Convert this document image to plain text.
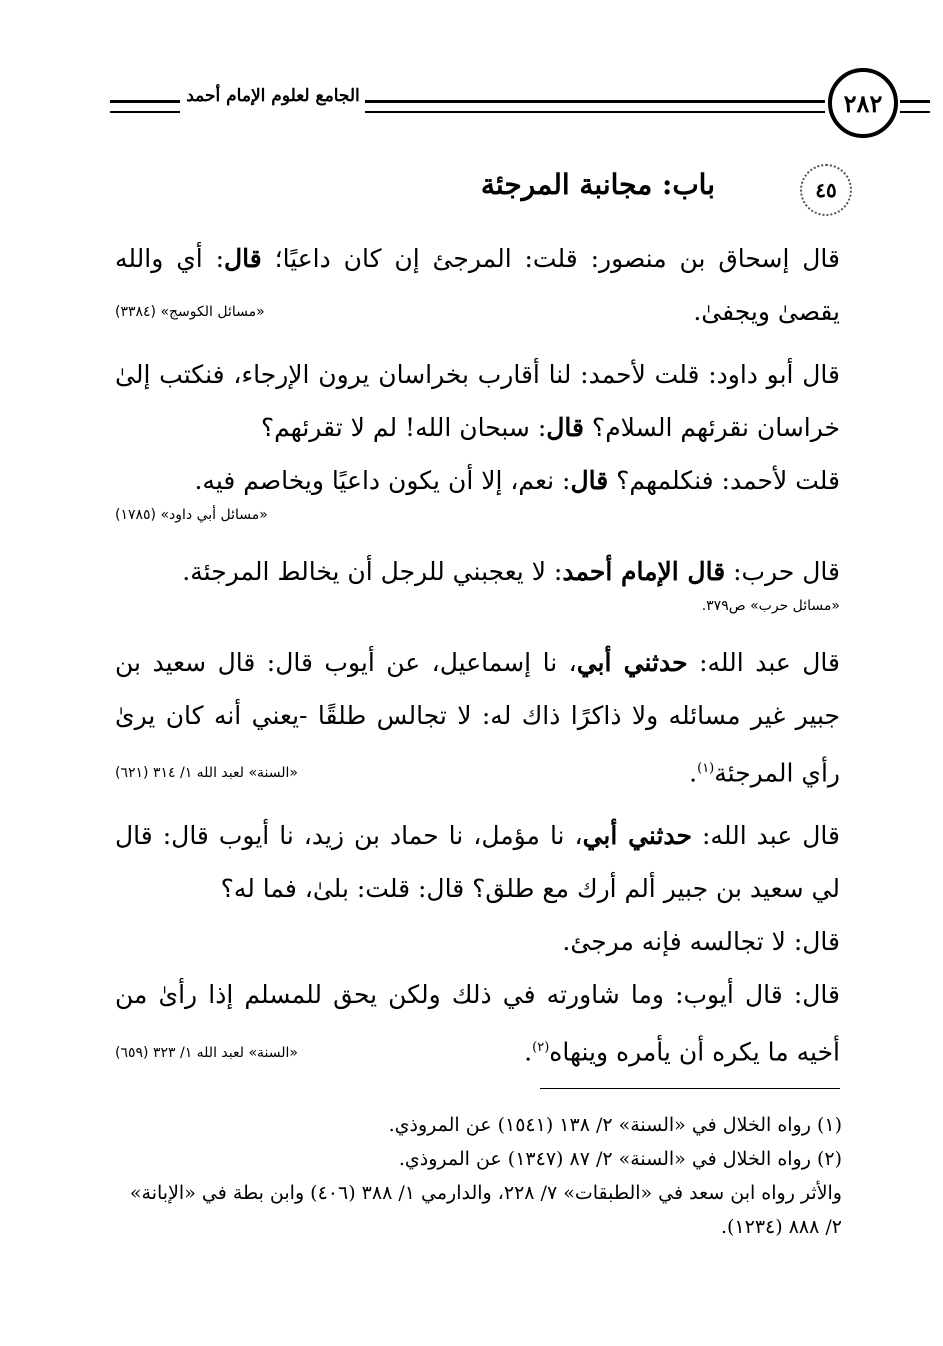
الجامع لعلوم الإمام أحمد	٢٨٢
٤٥
باب: مجانبة المرجئة

قال إسحاق بن منصور: قلت: المرجئ إن كان داعيًا؛ قال: أي والله يقصىٰ ويجفىٰ.

«مسائل الكوسج» (٣٣٨٤)

قال أبو داود: قلت لأحمد: لنا أقارب بخراسان يرون الإرجاء، فنكتب إلىٰ خراسان نقرئهم السلام؟ قال: سبحان الله! لم لا تقرئهم؟

قلت لأحمد: فنكلمهم؟ قال: نعم، إلا أن يكون داعيًا ويخاصم فيه.

«مسائل أبي داود» (١٧٨٥)

قال حرب: قال الإمام أحمد: لا يعجبني للرجل أن يخالط المرجئة.

«مسائل حرب» ص٣٧٩.

قال عبد الله: حدثني أبي، نا إسماعيل، عن أيوب قال: قال سعيد بن جبير غير مسائله ولا ذاكرًا ذاك له: لا تجالس طلقًا -يعني أنه كان يرىٰ رأي المرجئة$^{(١)}$.

«السنة» لعبد الله ١/ ٣١٤ (٦٢١)

قال عبد الله: حدثني أبي، نا مؤمل، نا حماد بن زيد، نا أيوب قال: قال لي سعيد بن جبير ألم أرك مع طلق؟ قال: قلت: بلىٰ، فما له؟

قال: لا تجالسه فإنه مرجئ.

قال: قال أيوب: وما شاورته في ذلك ولكن يحق للمسلم إذا رأىٰ من أخيه ما يكره أن يأمره وينهاه$^{(٢)}$.

«السنة» لعبد الله ١/ ٣٢٣ (٦٥٩)

(١) رواه الخلال في «السنة» ٢/ ١٣٨ (١٥٤١) عن المروذي.

(٢) رواه الخلال في «السنة» ٢/ ٨٧ (١٣٤٧) عن المروذي.

والأثر رواه ابن سعد في «الطبقات» ٧/ ٢٢٨، والدارمي ١/ ٣٨٨ (٤٠٦) وابن بطة في «الإبانة» ٢/ ٨٨٨ (١٢٣٤).
